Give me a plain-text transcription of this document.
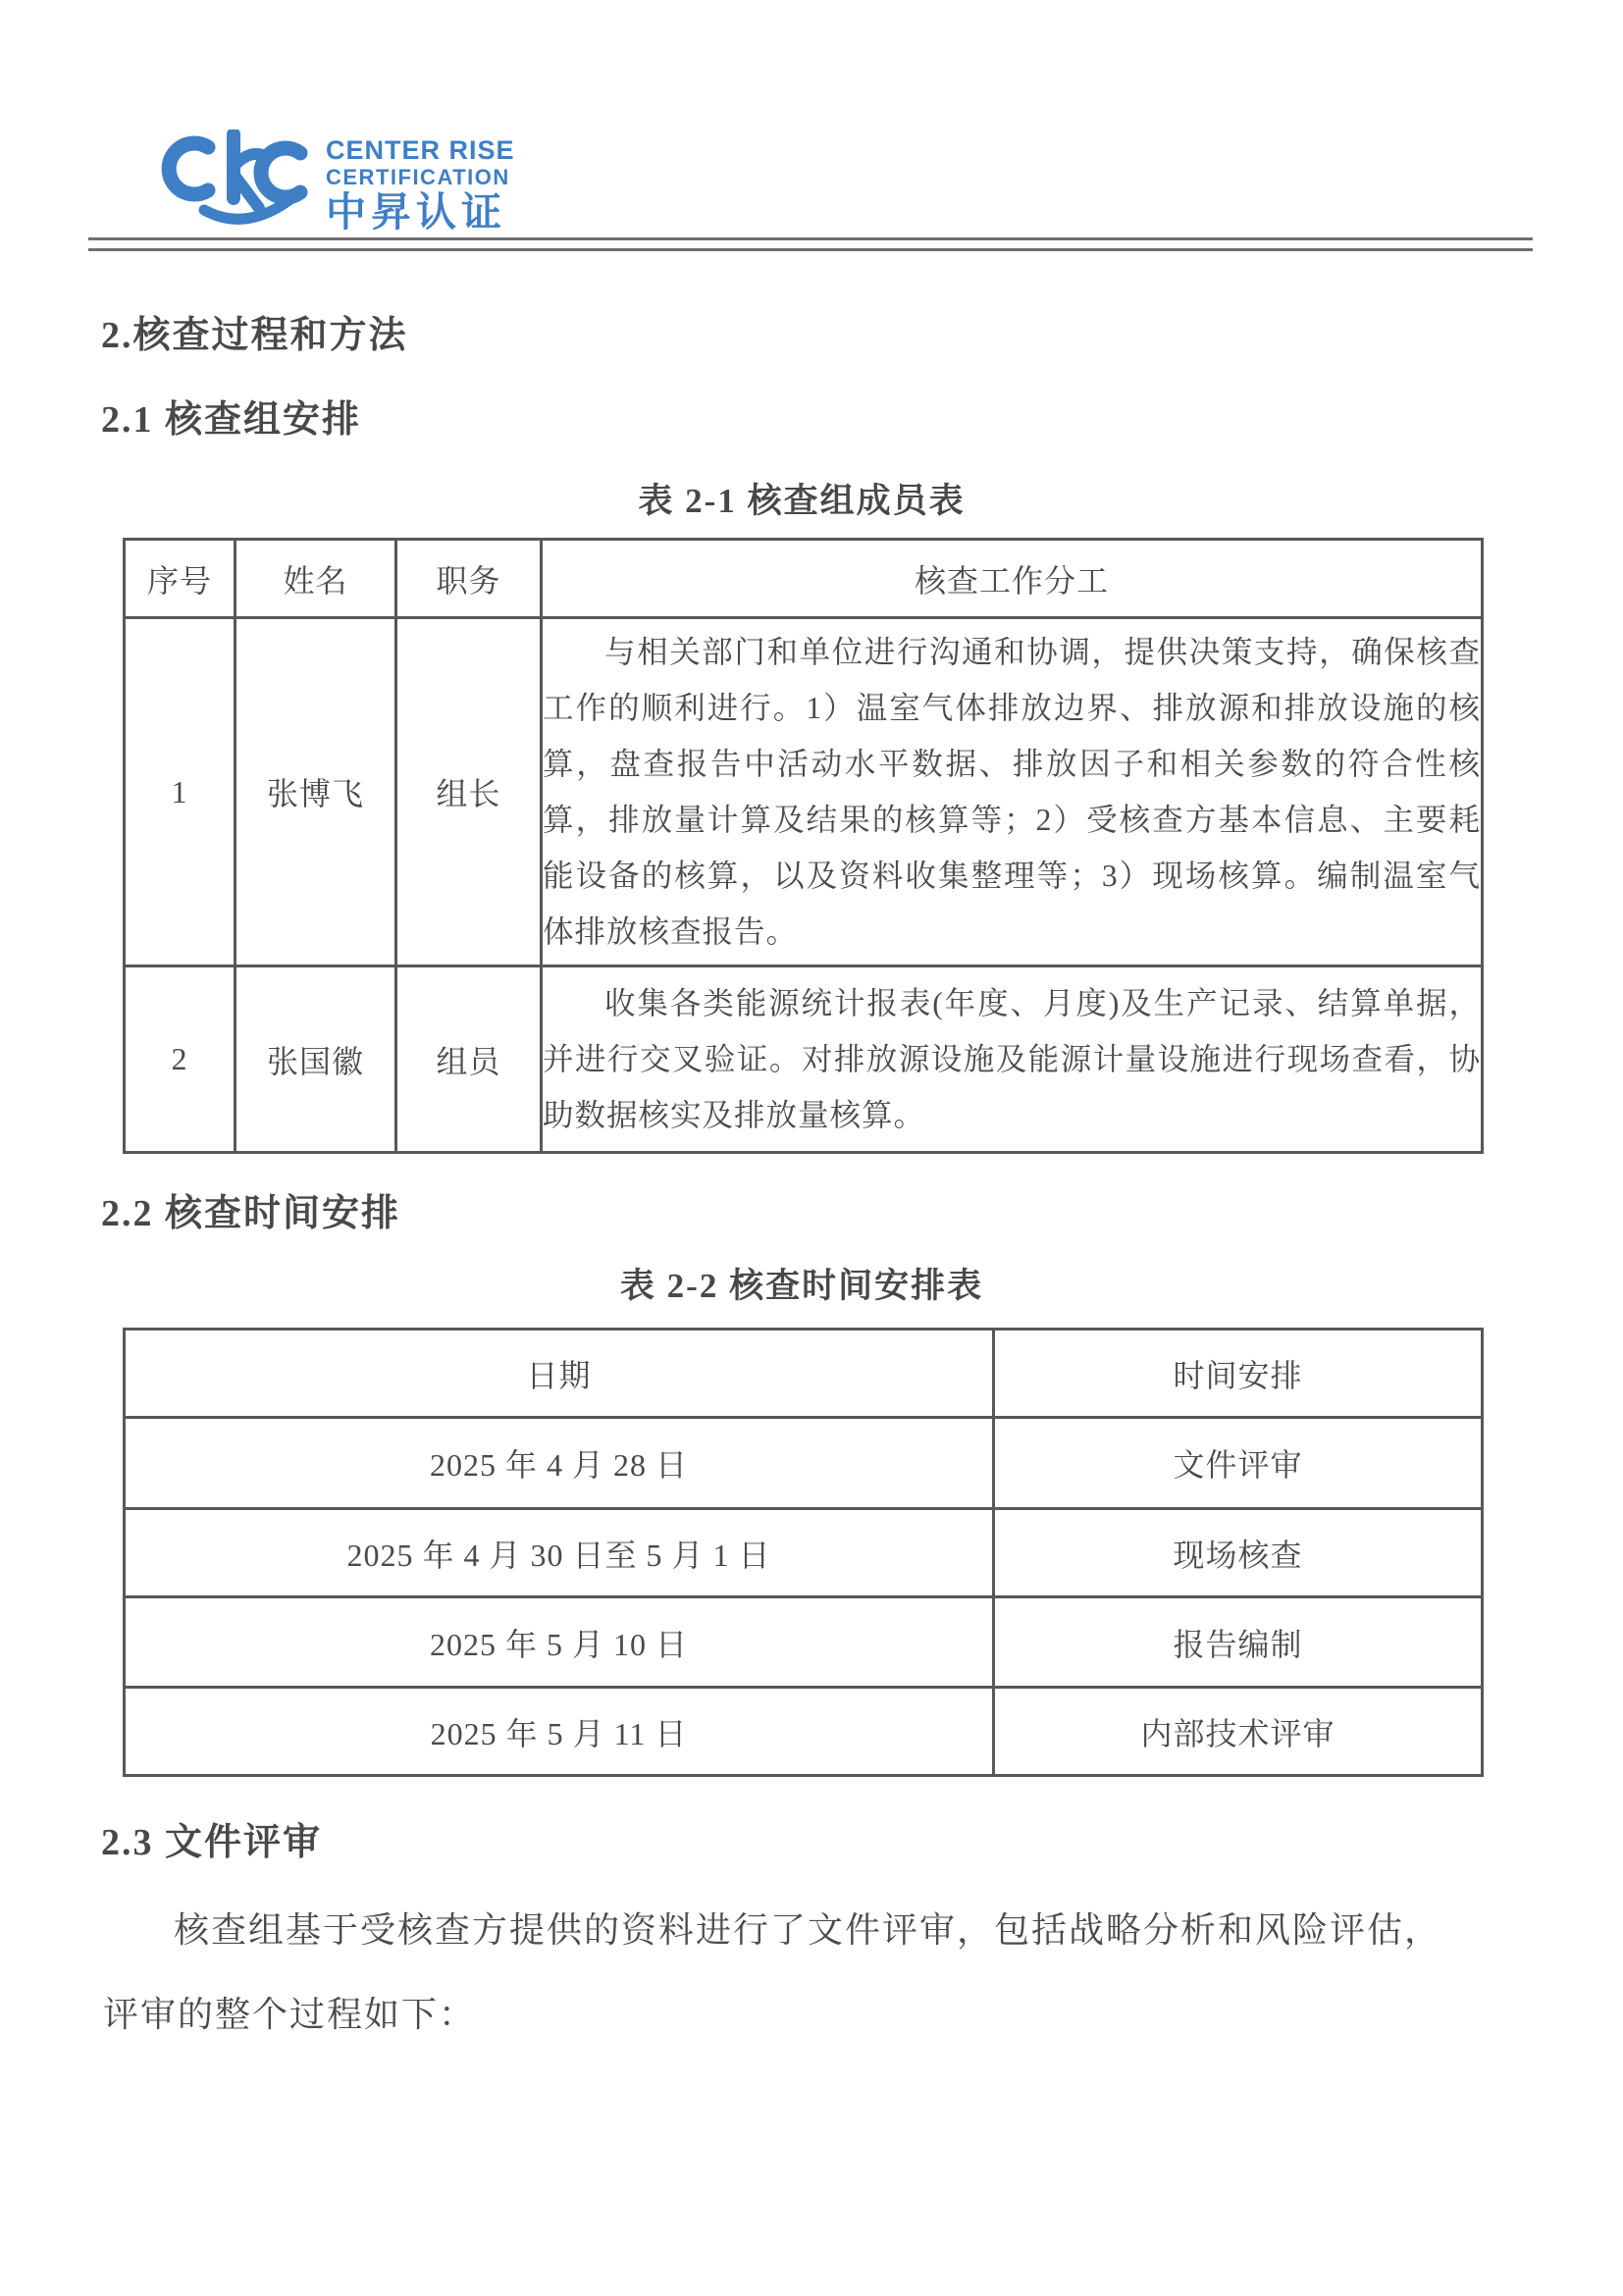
CENTER RISE
CERTIFICATION
中昇认证
2.核查过程和方法
2.1 核查组安排
表 2-1 核查组成员表
序号	姓名	职务	核查工作分工
1	张博飞	组长	与相关部门和单位进行沟通和协调，提供决策支持，确保核查工作的顺利进行。1）温室气体排放边界、排放源和排放设施的核算，盘查报告中活动水平数据、排放因子和相关参数的符合性核算，排放量计算及结果的核算等；2）受核查方基本信息、主要耗能设备的核算，以及资料收集整理等；3）现场核算。编制温室气体排放核查报告。

2	张国徽	组员	收集各类能源统计报表(年度、月度)及生产记录、结算单据，并进行交叉验证。对排放源设施及能源计量设施进行现场查看，协助数据核实及排放量核算。
2.2 核查时间安排
表 2-2 核查时间安排表
日期	时间安排
2025 年 4 月 28 日	文件评审
2025 年 4 月 30 日至 5 月 1 日	现场核查
2025 年 5 月 10 日	报告编制
2025 年 5 月 11 日	内部技术评审
2.3 文件评审
核查组基于受核查方提供的资料进行了文件评审，包括战略分析和风险评估，
评审的整个过程如下：
